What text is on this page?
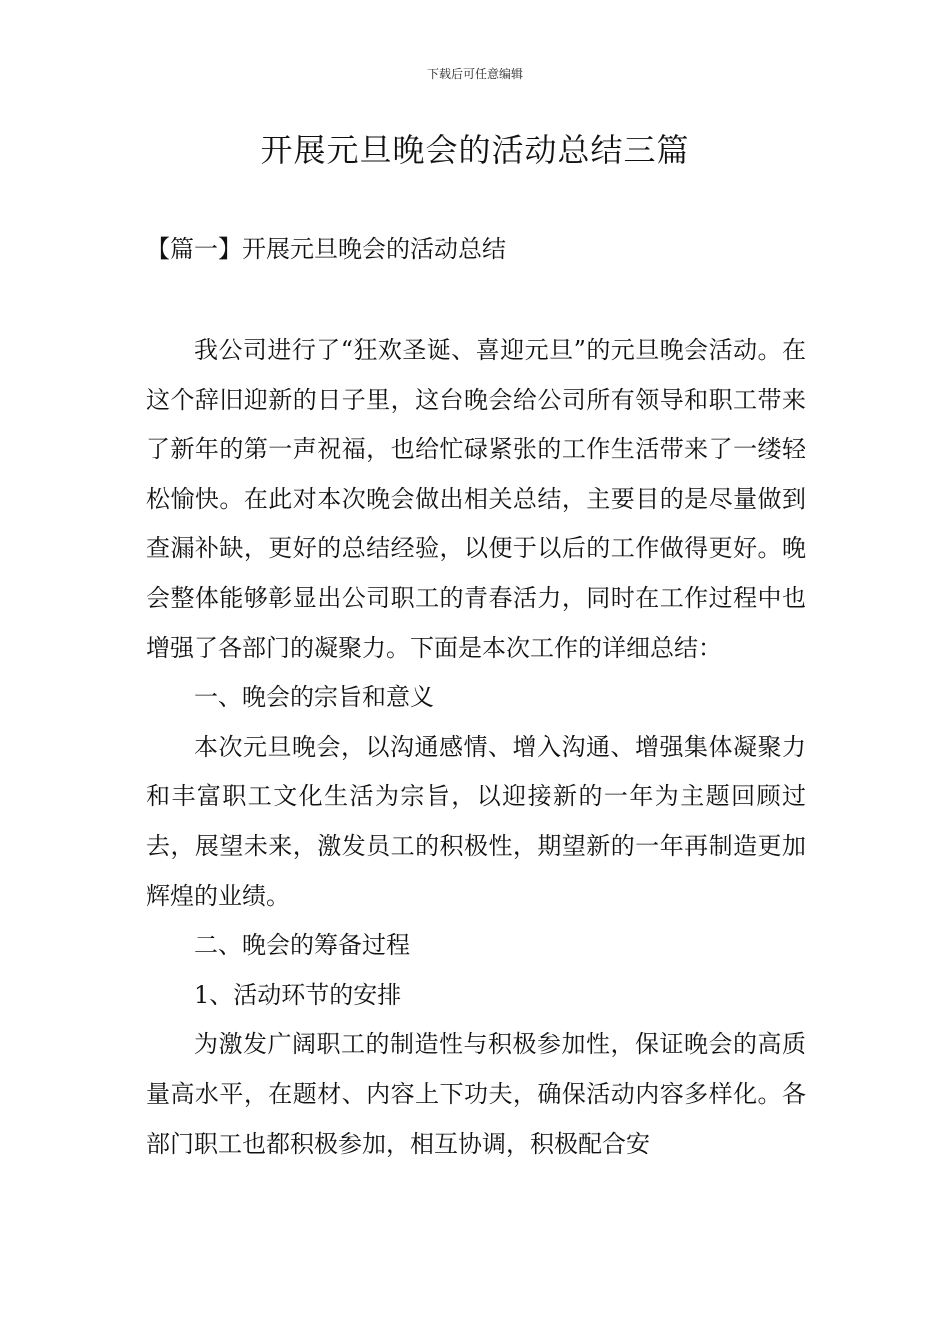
下载后可任意编辑
开展元旦晚会的活动总结三篇
【篇一】开展元旦晚会的活动总结

我公司进行了“狂欢圣诞、喜迎元旦”的元旦晚会活动。在这个辞旧迎新的日子里，这台晚会给公司所有领导和职工带来了新年的第一声祝福，也给忙碌紧张的工作生活带来了一缕轻松愉快。在此对本次晚会做出相关总结，主要目的是尽量做到查漏补缺，更好的总结经验，以便于以后的工作做得更好。晚会整体能够彰显出公司职工的青春活力，同时在工作过程中也增强了各部门的凝聚力。下面是本次工作的详细总结：

一、晚会的宗旨和意义

本次元旦晚会，以沟通感情、增入沟通、增强集体凝聚力和丰富职工文化生活为宗旨，以迎接新的一年为主题回顾过去，展望未来，激发员工的积极性，期望新的一年再制造更加辉煌的业绩。

二、晚会的筹备过程

1、活动环节的安排

为激发广阔职工的制造性与积极参加性，保证晚会的高质量高水平，在题材、内容上下功夫，确保活动内容多样化。各部门职工也都积极参加，相互协调，积极配合安
